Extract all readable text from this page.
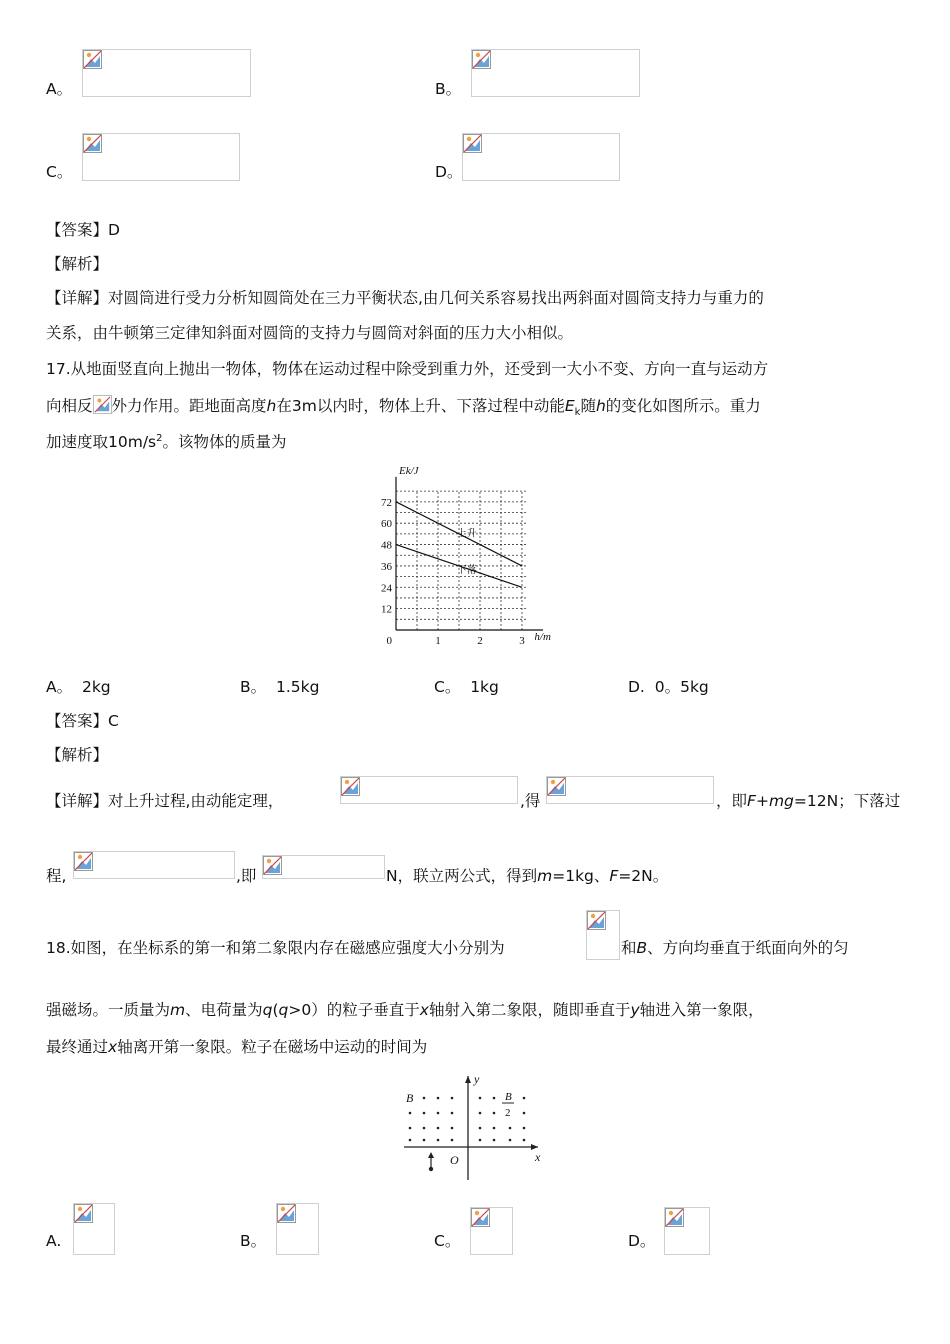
A。	B。
C。	D。
【答案】D
【解析】
【详解】对圆筒进行受力分析知圆筒处在三力平衡状态,由几何关系容易找出两斜面对圆筒支持力与重力的
关系，由牛顿第三定律知斜面对圆筒的支持力与圆筒对斜面的压力大小相似。
17.从地面竖直向上抛出一物体，物体在运动过程中除受到重力外，还受到一大小不变、方向一直与运动方
向相反 外力作用。距地面高度h在3m以内时，物体上升、下落过程中动能$E_k$随h的变化如图所示。重力
加速度取$10m/s^2$。该物体的质量为
上升
下落
12
24
36
48
60
72
0	1	2	3 h/m
Ek/J
A。 2kg	B。 1.5kg	C。 1kg	D. 0。5kg
【答案】C
【解析】
【详解】对上升过程,由动能定理，	,得	，即F+mg=12N；下落过
程,	,即	N，联立两公式，得到m=1kg、F=2N。
18.如图，在坐标系的第一和第二象限内存在磁感应强度大小分别为	和B、方向均垂直于纸面向外的匀
强磁场。一质量为m、电荷量为q(q>0）的粒子垂直于x轴射入第二象限，随即垂直于y轴进入第一象限，
最终通过x轴离开第一象限。粒子在磁场中运动的时间为
B	B
2
O	x
y
A.	B。	C。	D。
